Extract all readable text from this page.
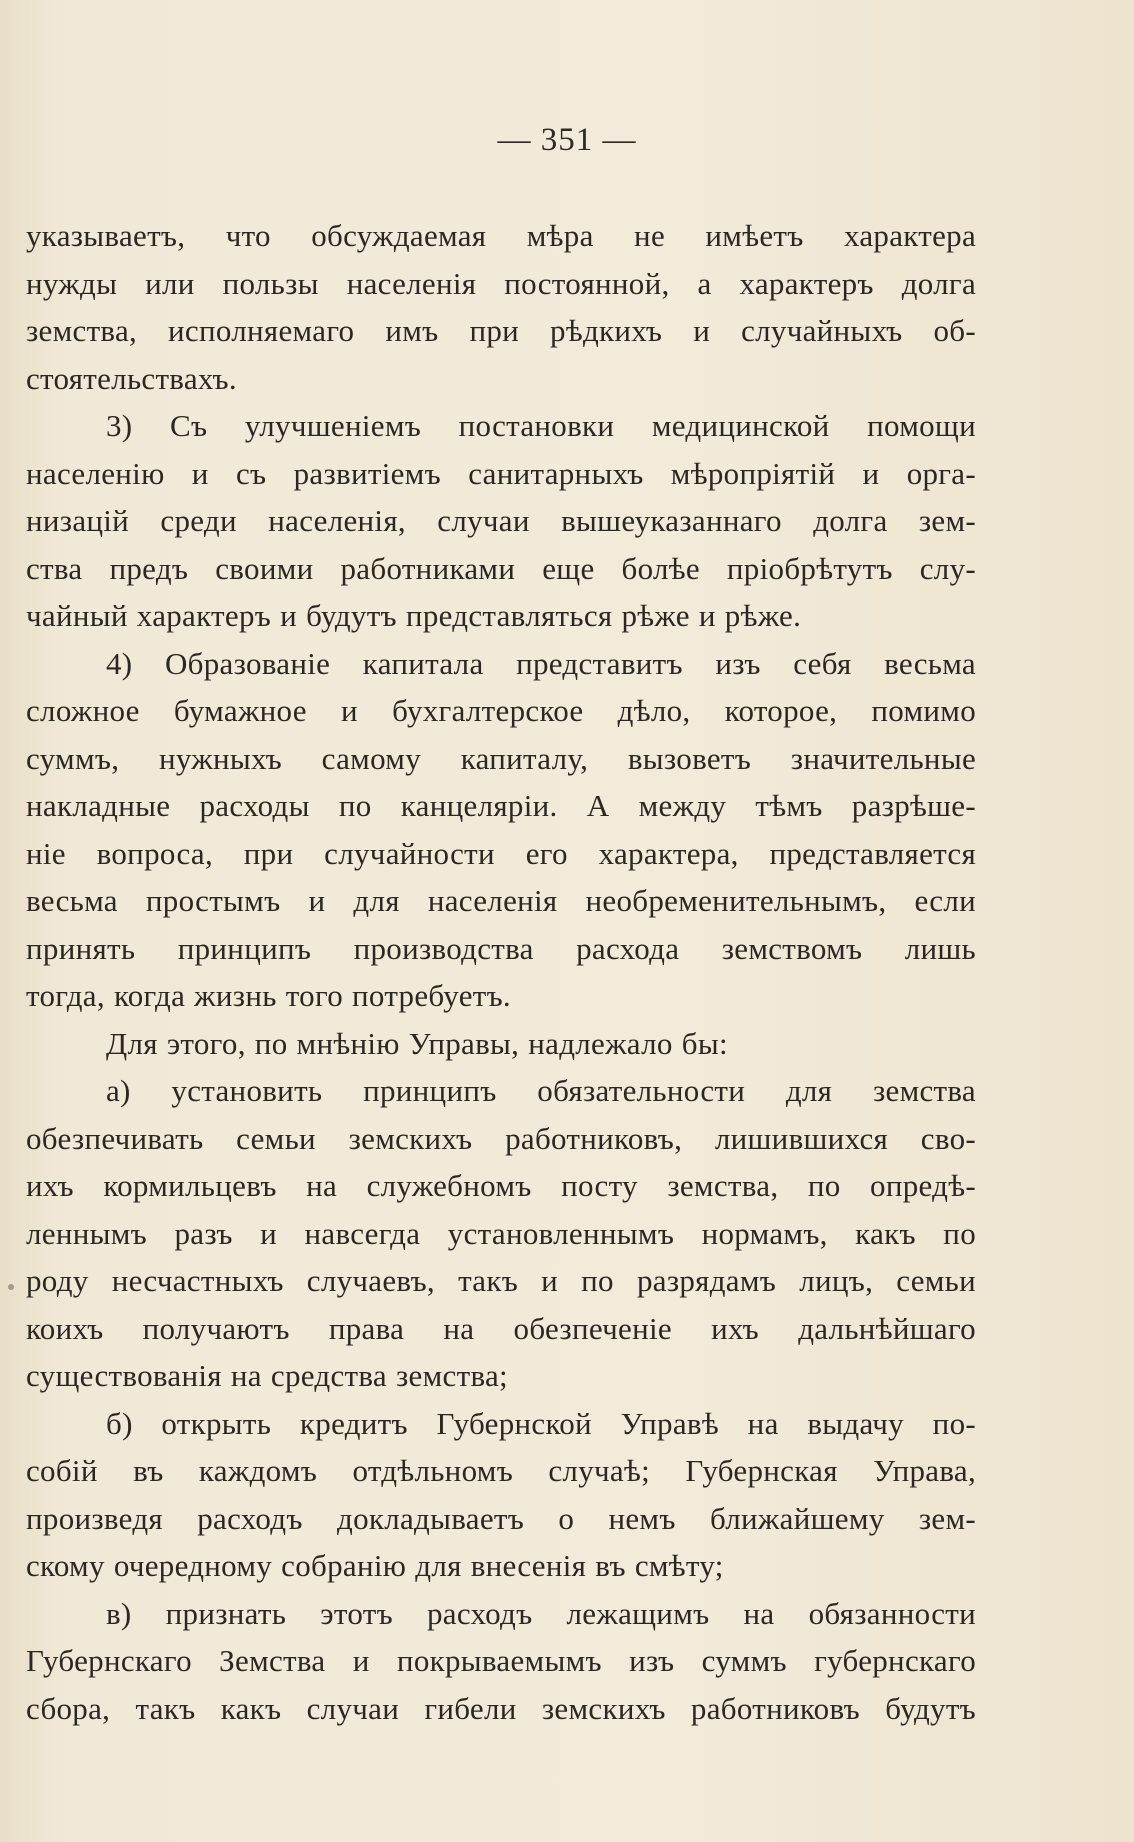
— 351 —
указываетъ, что обсуждаемая мѣра не имѣетъ характера
нужды или пользы населенія постоянной, а характеръ долга
земства, исполняемаго имъ при рѣдкихъ и случайныхъ об-
стоятельствахъ.
3) Съ улучшеніемъ постановки медицинской помощи
населенію и съ развитіемъ санитарныхъ мѣропріятій и орга-
низацій среди населенія, случаи вышеуказаннаго долга зем-
ства предъ своими работниками еще болѣе пріобрѣтутъ слу-
чайный характеръ и будутъ представляться рѣже и рѣже.
4) Образованіе капитала представитъ изъ себя весьма
сложное бумажное и бухгалтерское дѣло, которое, помимо
суммъ, нужныхъ самому капиталу, вызоветъ значительные
накладные расходы по канцеляріи. А между тѣмъ разрѣше-
ніе вопроса, при случайности его характера, представляется
весьма простымъ и для населенія необременительнымъ, если
принять принципъ производства расхода земствомъ лишь
тогда, когда жизнь того потребуетъ.
Для этого, по мнѣнію Управы, надлежало бы:
а) установить принципъ обязательности для земства
обезпечивать семьи земскихъ работниковъ, лишившихся сво-
ихъ кормильцевъ на служебномъ посту земства, по опредѣ-
леннымъ разъ и навсегда установленнымъ нормамъ, какъ по
роду несчастныхъ случаевъ, такъ и по разрядамъ лицъ, семьи
коихъ получаютъ права на обезпеченіе ихъ дальнѣйшаго
существованія на средства земства;
б) открыть кредитъ Губернской Управѣ на выдачу по-
собій въ каждомъ отдѣльномъ случаѣ; Губернская Управа,
произведя расходъ докладываетъ о немъ ближайшему зем-
скому очередному собранію для внесенія въ смѣту;
в) признать этотъ расходъ лежащимъ на обязанности
Губернскаго Земства и покрываемымъ изъ суммъ губернскаго
сбора, такъ какъ случаи гибели земскихъ работниковъ будутъ
